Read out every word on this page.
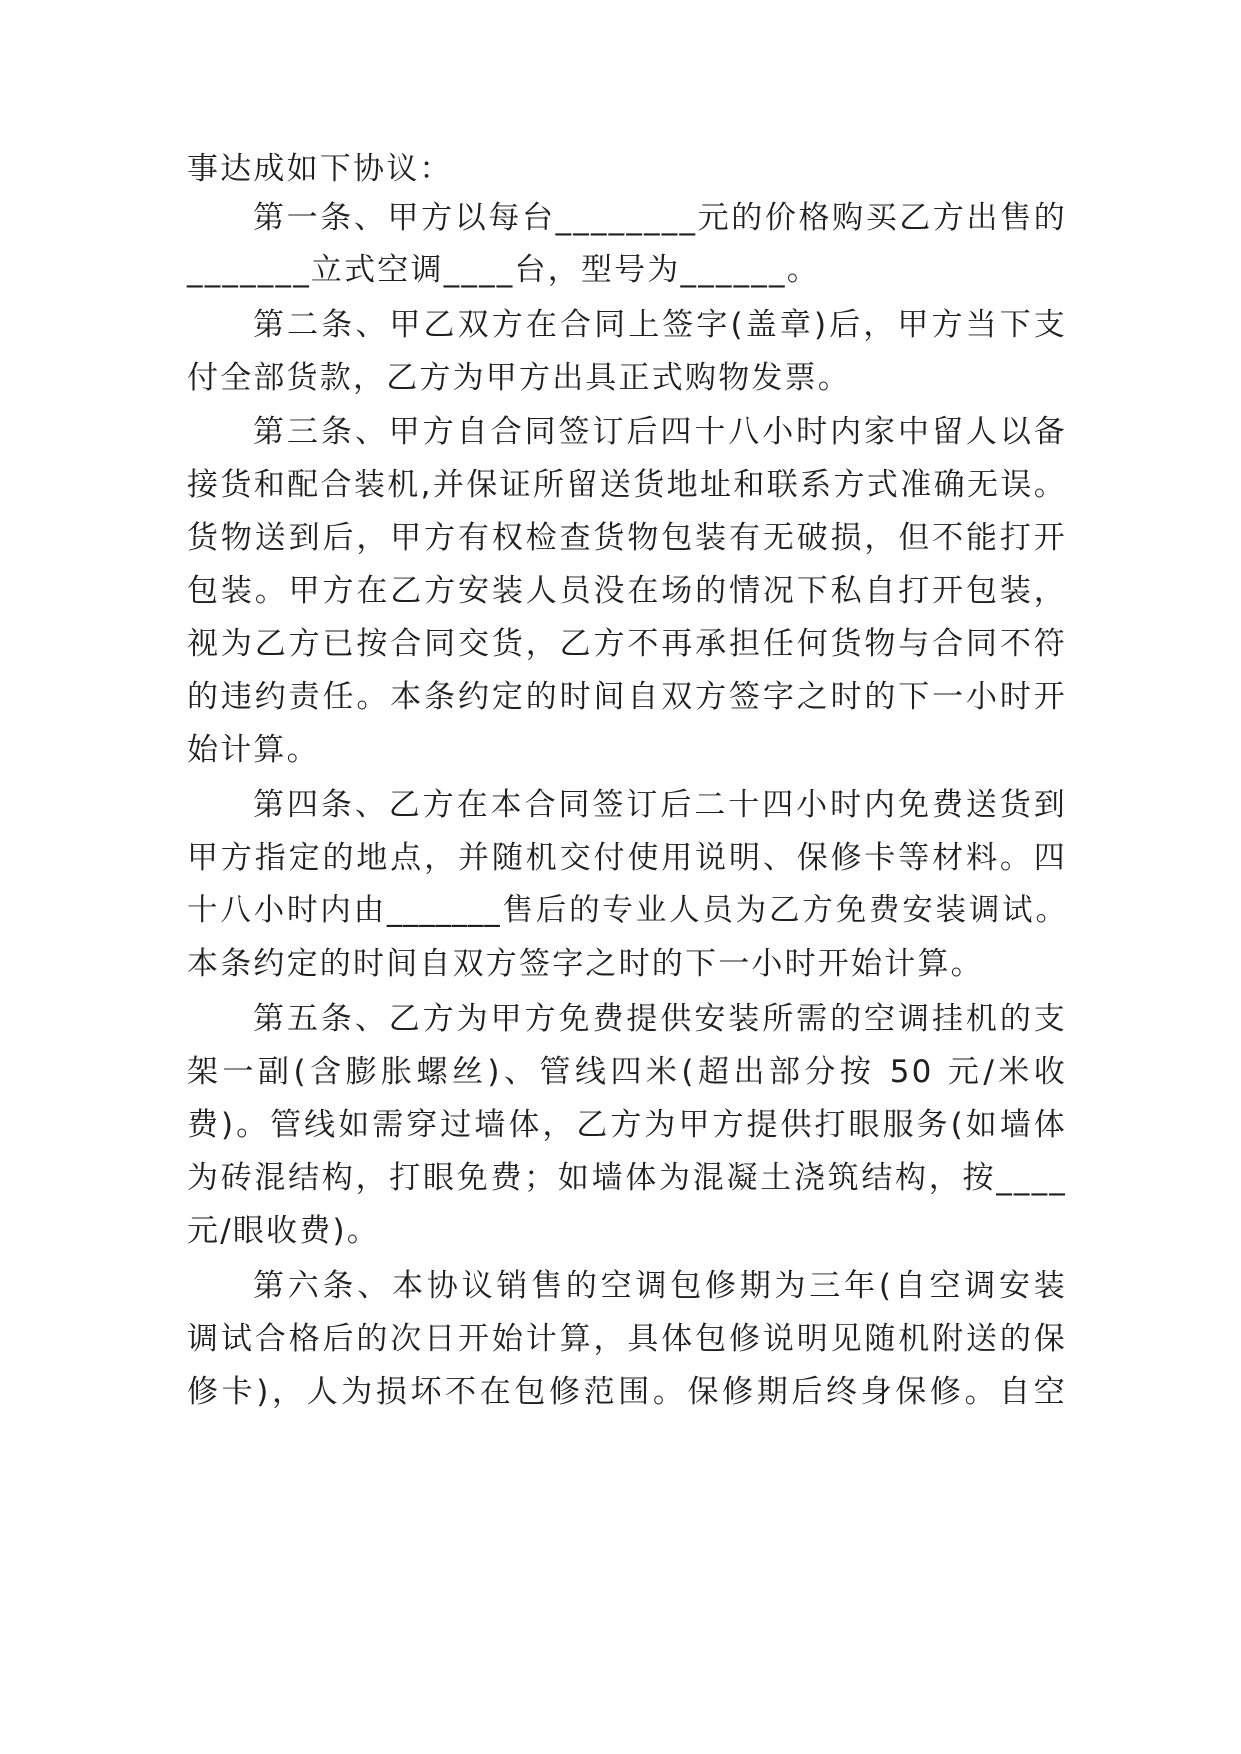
事达成如下协议：
第一条、甲方以每台________元的价格购买乙方出售的
_______立式空调____台，型号为______。
第二条、甲乙双方在合同上签字(盖章)后，甲方当下支
付全部货款，乙方为甲方出具正式购物发票。
第三条、甲方自合同签订后四十八小时内家中留人以备
接货和配合装机,并保证所留送货地址和联系方式准确无误。
货物送到后，甲方有权检查货物包装有无破损，但不能打开
包装。甲方在乙方安装人员没在场的情况下私自打开包装，
视为乙方已按合同交货，乙方不再承担任何货物与合同不符
的违约责任。本条约定的时间自双方签字之时的下一小时开
始计算。
第四条、乙方在本合同签订后二十四小时内免费送货到
甲方指定的地点，并随机交付使用说明、保修卡等材料。四
十八小时内由_______售后的专业人员为乙方免费安装调试。
本条约定的时间自双方签字之时的下一小时开始计算。
第五条、乙方为甲方免费提供安装所需的空调挂机的支
架一副(含膨胀螺丝)、管线四米(超出部分按 50 元/米收
费)。管线如需穿过墙体，乙方为甲方提供打眼服务(如墙体
为砖混结构，打眼免费；如墙体为混凝土浇筑结构，按____
元/眼收费)。
第六条、本协议销售的空调包修期为三年(自空调安装
调试合格后的次日开始计算，具体包修说明见随机附送的保
修卡)，人为损坏不在包修范围。保修期后终身保修。自空
